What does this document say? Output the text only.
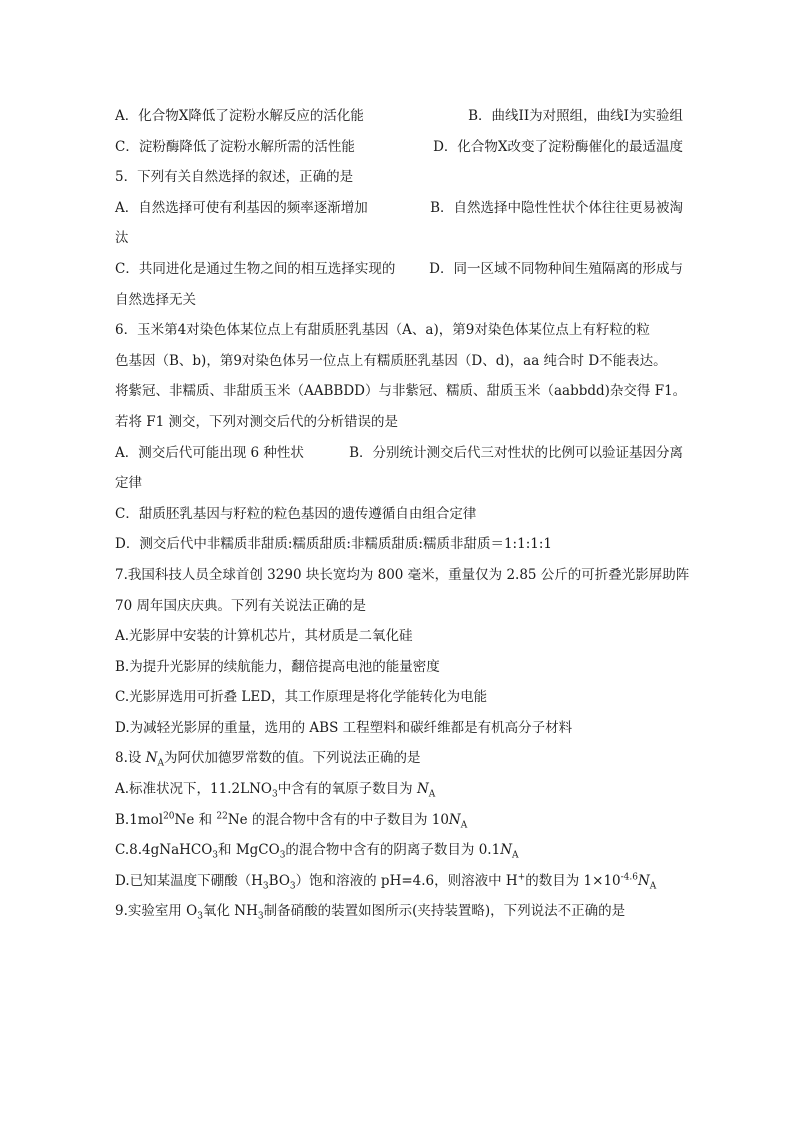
A．化合物X降低了淀粉水解反应的活化能	B．曲线II为对照组，曲线I为实验组
C．淀粉酶降低了淀粉水解所需的活性能	D．化合物X改变了淀粉酶催化的最适温度
5．下列有关自然选择的叙述，正确的是
A．自然选择可使有利基因的频率逐渐增加	B．自然选择中隐性性状个体往往更易被淘
汰
C．共同进化是通过生物之间的相互选择实现的	D．同一区域不同物种间生殖隔离的形成与
自然选择无关
6．玉米第4对染色体某位点上有甜质胚乳基因（A、a)，第9对染色体某位点上有籽粒的粒
色基因（B、b)，第9对染色体另一位点上有糯质胚乳基因（D、d)，aa 纯合时 D不能表达。
将紫冠、非糯质、非甜质玉米（AABBDD）与非紫冠、糯质、甜质玉米（aabbdd)杂交得 F1。
若将 F1 测交，下列对测交后代的分析错误的是
A．测交后代可能出现 6 种性状	B．分别统计测交后代三对性状的比例可以验证基因分离
定律
C．甜质胚乳基因与籽粒的粒色基因的遗传遵循自由组合定律
D．测交后代中非糯质非甜质:糯质甜质:非糯质甜质:糯质非甜质＝1:1:1:1
7.我国科技人员全球首创 3290 块长宽均为 800 毫米，重量仅为 2.85 公斤的可折叠光影屏助阵
70 周年国庆庆典。下列有关说法正确的是
A.光影屏中安装的计算机芯片，其材质是二氧化硅
B.为提升光影屏的续航能力，翻倍提高电池的能量密度
C.光影屏选用可折叠 LED，其工作原理是将化学能转化为电能
D.为减轻光影屏的重量，选用的 ABS 工程塑料和碳纤维都是有机高分子材料
8.设 $N_A$为阿伏加德罗常数的值。下列说法正确的是
A.标准状况下，$11.2LNO_3$中含有的氧原子数目为 $N_A$
B.1mol$^{20}$Ne 和 $^{22}$Ne 的混合物中含有的中子数目为 $10N_A$
C.8.4gNaHCO$_3$和 MgCO$_3$的混合物中含有的阴离子数目为 $0.1N_A$
D.已知某温度下硼酸$(H_3BO_3)$饱和溶液的 pH=4.6，则溶液中 H+的数目为 $1\times 10^{-4.6}N_A$
9.实验室用 $O_3$氧化 $NH_3$制备硝酸的装置如图所示(夹持装置略)，下列说法不正确的是
